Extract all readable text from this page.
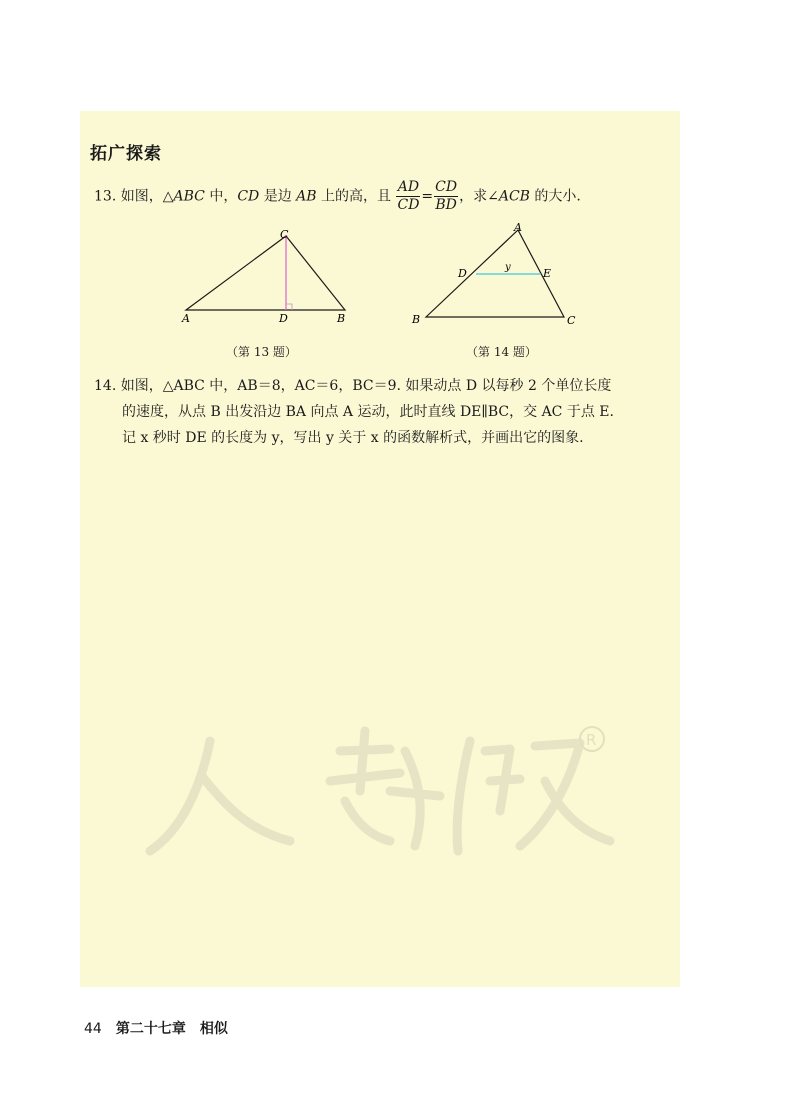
拓广探索
13. 如图，△ABC 中，CD 是边 AB 上的高，且 $\frac{AD}{CD} = \frac{CD}{BD}$ ，求∠ACB 的大小.
C
A	D	B
（第 13 题）
A
D	y	E
B	C
（第 14 题）
14. 如图，△ABC 中，AB＝8，AC＝6，BC＝9. 如果动点 D 以每秒 2 个单位长度
的速度，从点 B 出发沿边 BA 向点 A 运动，此时直线 DE∥BC，交 AC 于点 E.
记 x 秒时 DE 的长度为 y，写出 y 关于 x 的函数解析式，并画出它的图象.
R
44 第二十七章　相似
